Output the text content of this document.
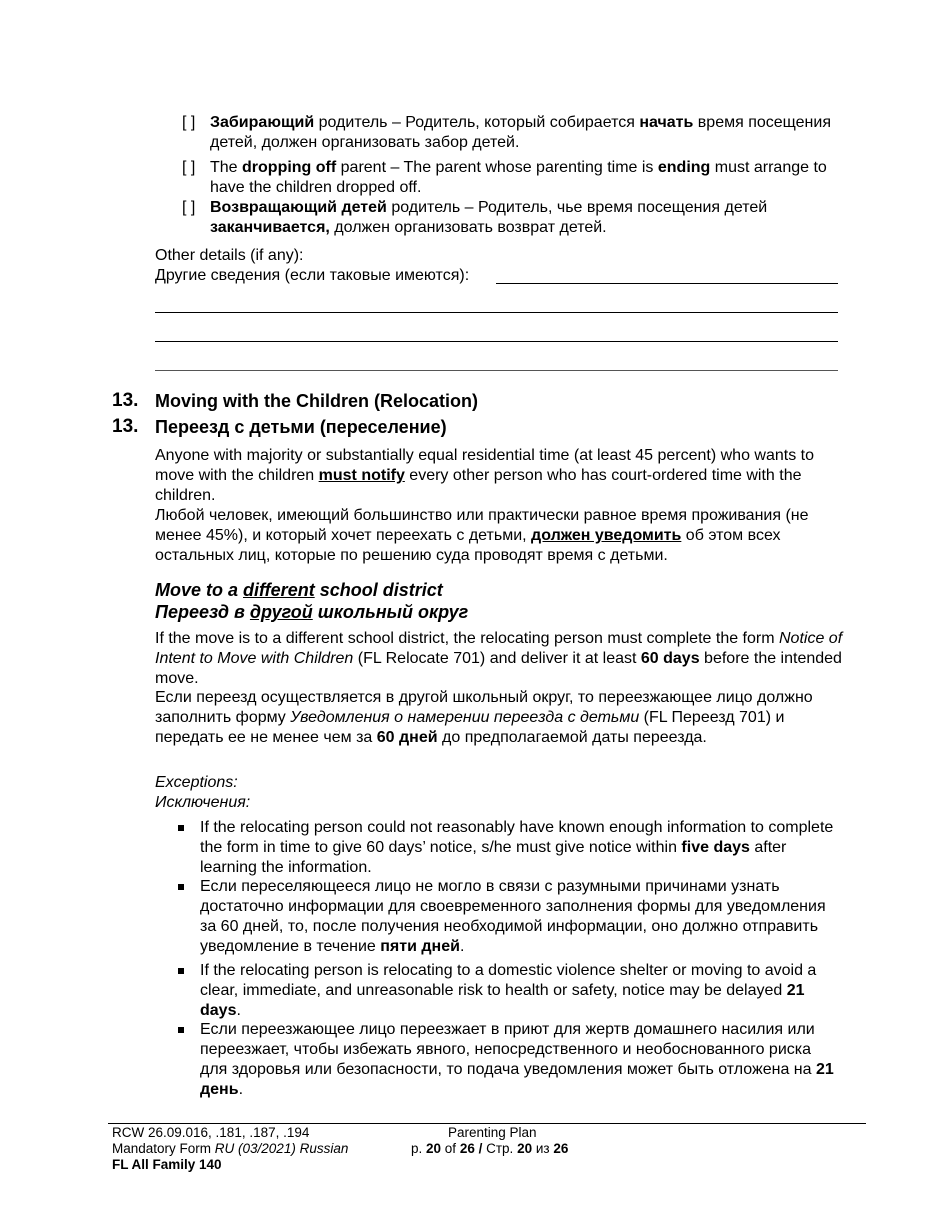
[ ] Забирающий родитель – Родитель, который собирается начать время посещения детей, должен организовать забор детей.
[ ] The dropping off parent – The parent whose parenting time is ending must arrange to have the children dropped off.
[ ] Возвращающий детей родитель – Родитель, чье время посещения детей заканчивается, должен организовать возврат детей.
Other details (if any):
Другие сведения (если таковые имеются):
13. Moving with the Children (Relocation)
13. Переезд с детьми (переселение)
Anyone with majority or substantially equal residential time (at least 45 percent) who wants to move with the children must notify every other person who has court-ordered time with the children.
Любой человек, имеющий большинство или практически равное время проживания (не менее 45%), и который хочет переехать с детьми, должен уведомить об этом всех остальных лиц, которые по решению суда проводят время с детьми.
Move to a different school district
Переезд в другой школьный округ
If the move is to a different school district, the relocating person must complete the form Notice of Intent to Move with Children (FL Relocate 701) and deliver it at least 60 days before the intended move.
Если переезд осуществляется в другой школьный округ, то переезжающее лицо должно заполнить форму Уведомления о намерении переезда с детьми (FL Переезд 701) и передать ее не менее чем за 60 дней до предполагаемой даты переезда.
Exceptions:
Исключения:
If the relocating person could not reasonably have known enough information to complete the form in time to give 60 days’ notice, s/he must give notice within five days after learning the information.
Если переселяющееся лицо не могло в связи с разумными причинами узнать достаточно информации для своевременного заполнения формы для уведомления за 60 дней, то, после получения необходимой информации, оно должно отправить уведомление в течение пяти дней.
If the relocating person is relocating to a domestic violence shelter or moving to avoid a clear, immediate, and unreasonable risk to health or safety, notice may be delayed 21 days.
Если переезжающее лицо переезжает в приют для жертв домашнего насилия или переезжает, чтобы избежать явного, непосредственного и необоснованного риска для здоровья или безопасности, то подача уведомления может быть отложена на 21 день.
RCW 26.09.016, .181, .187, .194
Mandatory Form RU (03/2021) Russian
FL All Family 140
Parenting Plan
p. 20 of 26 / Стр. 20 из 26
